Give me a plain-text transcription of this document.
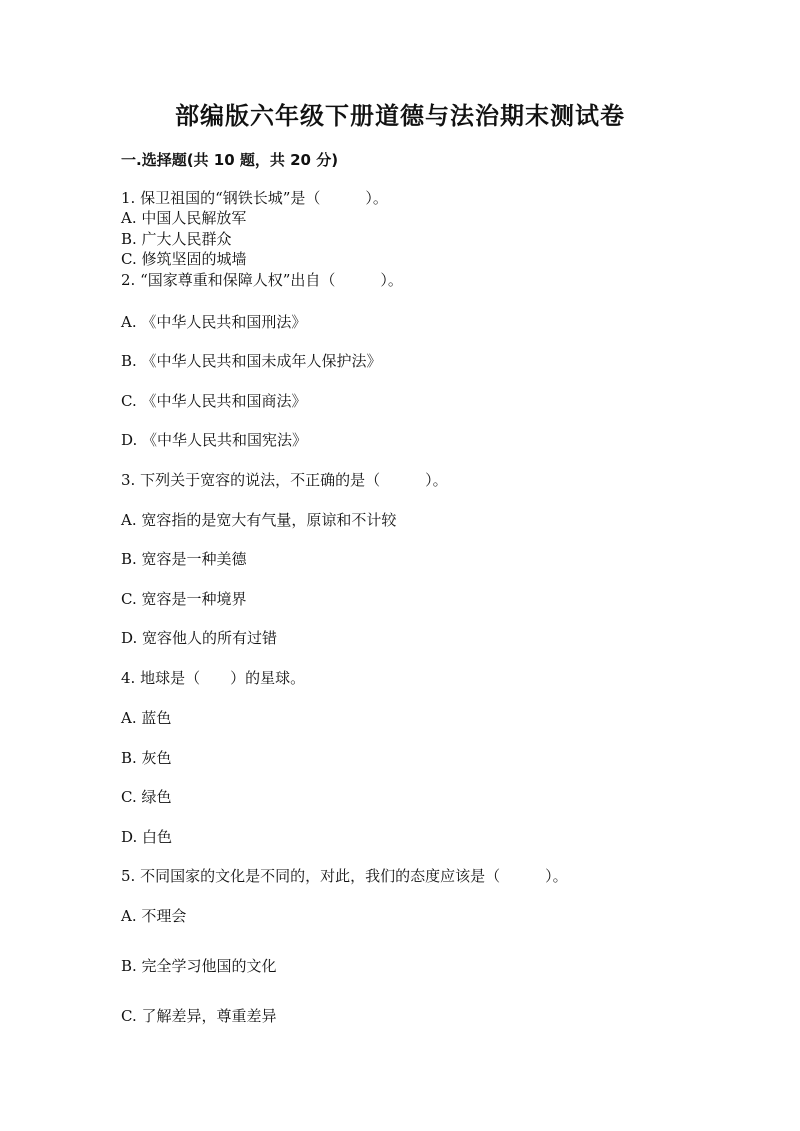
部编版六年级下册道德与法治期末测试卷
一.选择题(共 10 题，共 20 分)
1. 保卫祖国的“钢铁长城”是（　　　）。
A. 中国人民解放军
B. 广大人民群众
C. 修筑坚固的城墙
2. “国家尊重和保障人权”出自（　　　）。
A. 《中华人民共和国刑法》
B. 《中华人民共和国未成年人保护法》
C. 《中华人民共和国商法》
D. 《中华人民共和国宪法》
3. 下列关于宽容的说法，不正确的是（　　　）。
A. 宽容指的是宽大有气量，原谅和不计较
B. 宽容是一种美德
C. 宽容是一种境界
D. 宽容他人的所有过错
4. 地球是（　　）的星球。
A. 蓝色
B. 灰色
C. 绿色
D. 白色
5. 不同国家的文化是不同的，对此，我们的态度应该是（　　　）。
A. 不理会
B. 完全学习他国的文化
C. 了解差异，尊重差异
